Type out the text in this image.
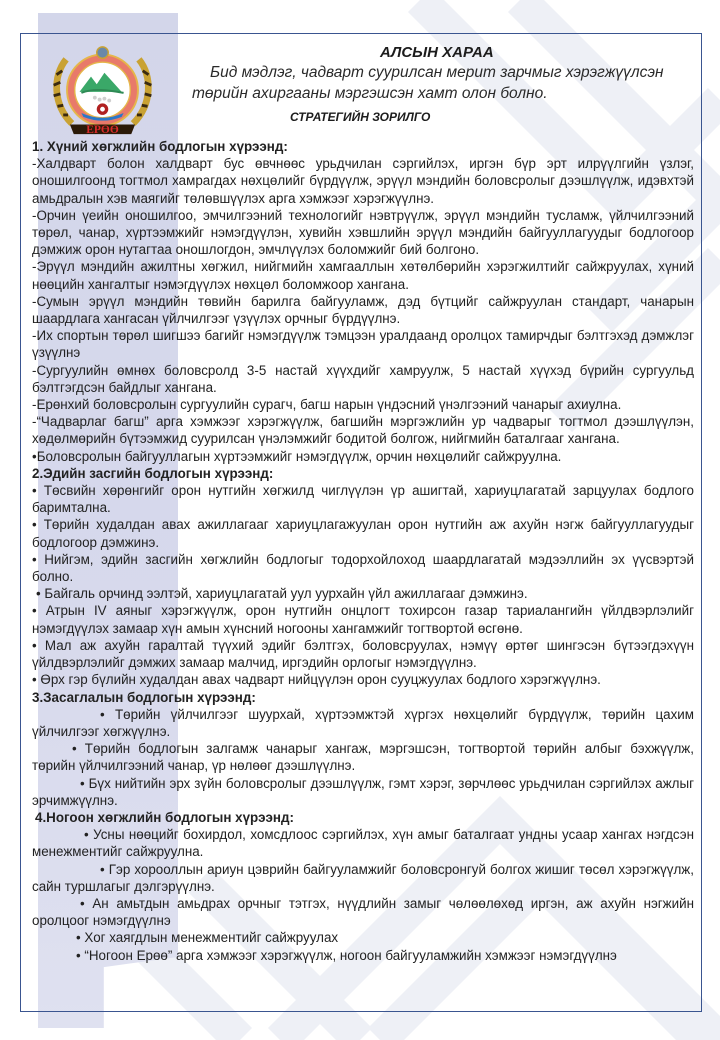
ЕРӨӨ
АЛСЫН ХАРАА
Бид мэдлэг, чадварт суурилсан мерит зарчмыг хэрэгжүүлсэн төрийн ахиргааны мэргэшсэн хамт олон болно.
СТРАТЕГИЙН ЗОРИЛГО

1. Хүний хөгжлийн бодлогын хүрээнд:

-Халдварт болон халдварт бус өвчнөөс урьдчилан сэргийлэх, иргэн бүр эрт илрүүлгийн үзлэг, оношилгоонд тогтмол хамрагдах нөхцөлийг бүрдүүлж, эрүүл мэндийн боловсролыг дээшлүүлж, идэвхтэй амьдралын хэв маягийг төлөвшүүлэх арга хэмжээг хэрэгжүүлнэ.

-Орчин үеийн оношилгоо, эмчилгээний технологийг нэвтрүүлж, эрүүл мэндийн тусламж, үйлчилгээний төрөл, чанар, хүртээмжийг нэмэгдүүлэн, хувийн хэвшлийн эрүүл мэндийн байгууллагуудыг бодлогоор дэмжиж орон нутагтаа оношлогдон, эмчлүүлэх боломжийг бий болгоно.

-Эрүүл мэндийн ажилтны хөгжил, нийгмийн хамгааллын хөтөлбөрийн хэрэгжилтийг сайжруулах, хүний нөөцийн хангалтыг нэмэгдүүлэх нөхцөл боломжоор хангана.

-Сумын эрүүл мэндийн төвийн барилга байгууламж, дэд бүтцийг сайжруулан стандарт, чанарын шаардлага хангасан үйлчилгээг үзүүлэх орчныг бүрдүүлнэ.

-Их спортын төрөл шигшээ багийг нэмэгдүүлж тэмцээн уралдаанд оролцох тамирчдыг бэлтгэхэд дэмжлэг үзүүлнэ

-Сургуулийн өмнөх боловсролд 3-5 настай хүүхдийг хамруулж, 5 настай хүүхэд бүрийн сургуульд бэлтгэгдсэн байдлыг хангана.

-Ерөнхий боловсролын сургуулийн сурагч, багш нарын үндэсний үнэлгээний чанарыг ахиулна.

-“Чадварлаг багш” арга хэмжээг хэрэгжүүлж, багшийн мэргэжлийн ур чадварыг тогтмол дээшлүүлэн, хөдөлмөрийн бүтээмжид суурилсан үнэлэмжийг бодитой болгож, нийгмийн баталгааг хангана.

•Боловсролын байгууллагын хүртээмжийг нэмэгдүүлж, орчин нөхцөлийг сайжруулна.

2.Эдийн засгийн бодлогын хүрээнд:

• Төсвийн хөрөнгийг орон нутгийн хөгжилд чиглүүлэн үр ашигтай, хариуцлагатай зарцуулах бодлого баримтална.

• Төрийн худалдан авах ажиллагааг хариуцлагажуулан орон нутгийн аж ахуйн нэгж байгууллагуудыг бодлогоор дэмжинэ.

• Нийгэм, эдийн засгийн хөгжлийн бодлогыг тодорхойлоход шаардлагатай мэдээллийн эх үүсвэртэй болно.

• Байгаль орчинд ээлтэй, хариуцлагатай уул уурхайн үйл ажиллагааг дэмжинэ.

• Атрын IV аяныг хэрэгжүүлж, орон нутгийн онцлогт тохирсон газар тариалангийн үйлдвэрлэлийг нэмэгдүүлэх замаар хүн амын хүнсний ногооны хангамжийг тогтвортой өсгөнө.

• Мал аж ахуйн гаралтай түүхий эдийг бэлтгэх, боловсруулах, нэмүү өртөг шингэсэн бүтээгдэхүүн үйлдвэрлэлийг дэмжих замаар малчид, иргэдийн орлогыг нэмэгдүүлнэ.

• Өрх гэр бүлийн худалдан авах чадварт нийцүүлэн орон сууцжуулах бодлого хэрэгжүүлнэ.

3.Засаглалын бодлогын хүрээнд:

• Төрийн үйлчилгээг шуурхай, хүртээмжтэй хүргэх нөхцөлийг бүрдүүлж, төрийн цахим үйлчилгээг хөгжүүлнэ.

• Төрийн бодлогын залгамж чанарыг хангаж, мэргэшсэн, тогтвортой төрийн албыг бэхжүүлж, төрийн үйлчилгээний чанар, үр нөлөөг дээшлүүлнэ.

• Бүх нийтийн эрх зүйн боловсролыг дээшлүүлж, гэмт хэрэг, зөрчлөөс урьдчилан сэргийлэх ажлыг эрчимжүүлнэ.

4.Ногоон хөгжлийн бодлогын хүрээнд:

• Усны нөөцийг бохирдол, хомсдлоос сэргийлэх, хүн амыг баталгаат ундны усаар хангах нэгдсэн менежментийг сайжруулна.

• Гэр хорооллын ариун цэврийн байгууламжийг боловсронгуй болгох жишиг төсөл хэрэгжүүлж, сайн туршлагыг дэлгэрүүлнэ.

• Ан амьтдын амьдрах орчныг тэтгэх, нүүдлийн замыг чөлөөлөхөд иргэн, аж ахуйн нэгжийн оролцоог нэмэгдүүлнэ

• Хог хаягдлын менежментийг сайжруулах

• “Ногоон Ерөө” арга хэмжээг хэрэгжүүлж, ногоон байгууламжийн хэмжээг нэмэгдүүлнэ
